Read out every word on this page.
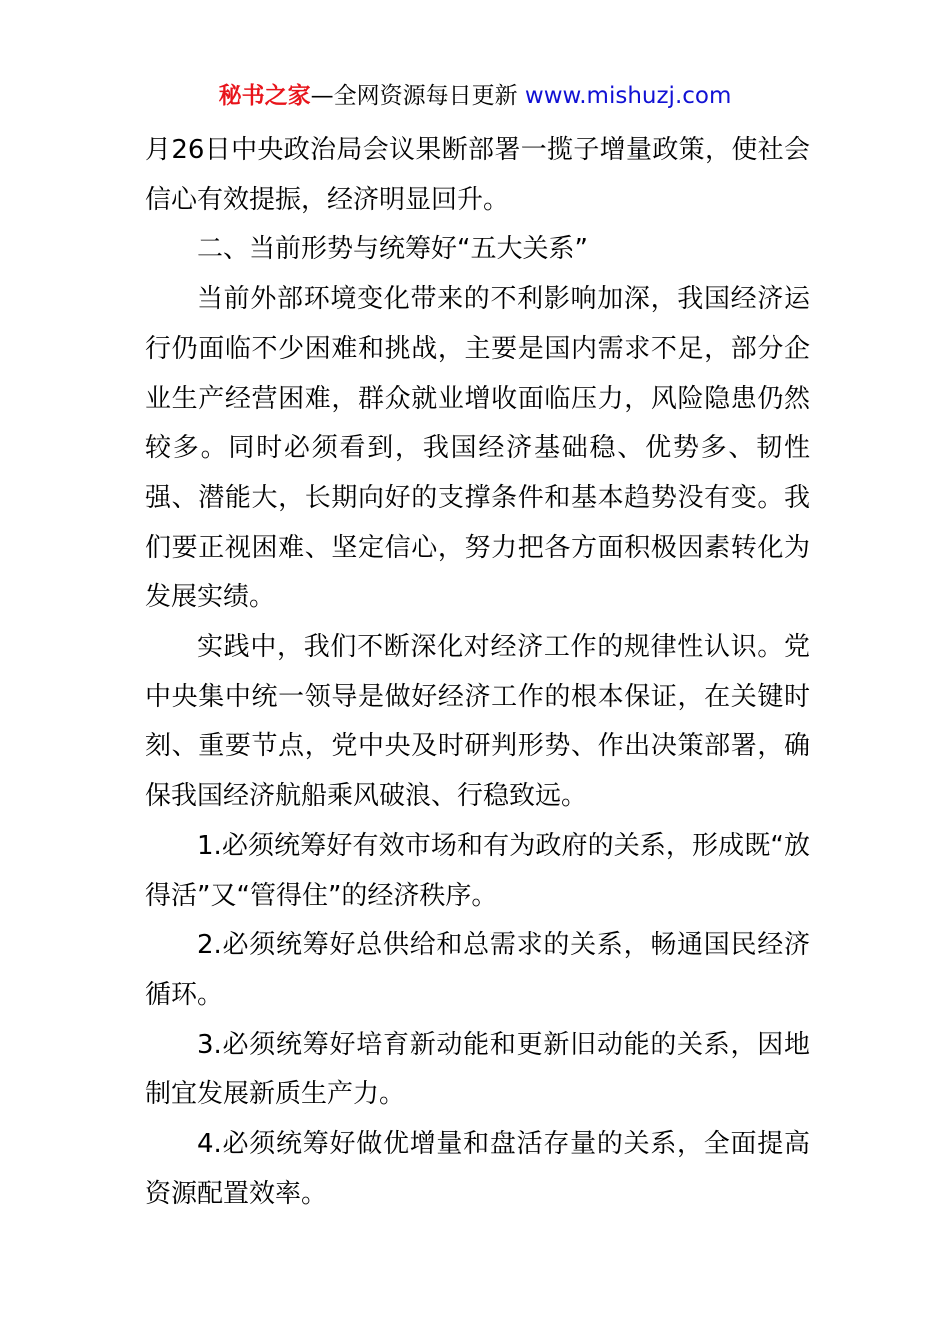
秘书之家—全网资源每日更新 www.mishuzj.com

月26日中央政治局会议果断部署一揽子增量政策，使社会信心有效提振，经济明显回升。

二、当前形势与统筹好“五大关系”

当前外部环境变化带来的不利影响加深，我国经济运行仍面临不少困难和挑战，主要是国内需求不足，部分企业生产经营困难，群众就业增收面临压力，风险隐患仍然较多。同时必须看到，我国经济基础稳、优势多、韧性强、潜能大，长期向好的支撑条件和基本趋势没有变。我们要正视困难、坚定信心，努力把各方面积极因素转化为发展实绩。

实践中，我们不断深化对经济工作的规律性认识。党中央集中统一领导是做好经济工作的根本保证，在关键时刻、重要节点，党中央及时研判形势、作出决策部署，确保我国经济航船乘风破浪、行稳致远。

1.必须统筹好有效市场和有为政府的关系，形成既“放得活”又“管得住”的经济秩序。

2.必须统筹好总供给和总需求的关系，畅通国民经济循环。

3.必须统筹好培育新动能和更新旧动能的关系，因地制宜发展新质生产力。

4.必须统筹好做优增量和盘活存量的关系，全面提高资源配置效率。
